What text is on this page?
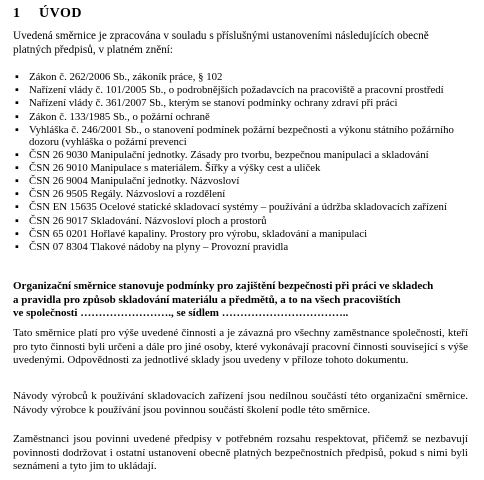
1 ÚVOD
Uvedená směrnice je zpracována v souladu s příslušnými ustanoveními následujících obecně platných předpisů, v platném znění:
▪ Zákon č. 262/2006 Sb., zákoník práce, § 102
▪ Nařízení vlády č. 101/2005 Sb., o podrobnějších požadavcích na pracoviště a pracovní prostředí
▪ Nařízení vlády č. 361/2007 Sb., kterým se stanoví podmínky ochrany zdraví při práci
▪ Zákon č. 133/1985 Sb., o požární ochraně
▪ Vyhláška č. 246/2001 Sb., o stanovení podmínek požární bezpečnosti a výkonu státního požárního dozoru (vyhláška o požární prevenci
▪ ČSN 26 9030 Manipulační jednotky. Zásady pro tvorbu, bezpečnou manipulaci a skladování
▪ ČSN 26 9010 Manipulace s materiálem. Šířky a výšky cest a uliček
▪ ČSN 26 9004 Manipulační jednotky. Názvosloví
▪ ČSN 26 9505 Regály. Názvosloví a rozdělení
▪ ČSN EN 15635 Ocelové statické skladovací systémy – používání a údržba skladovacích zařízení
▪ ČSN 26 9017 Skladování. Názvosloví ploch a prostorů
▪ ČSN 65 0201 Hořlavé kapaliny. Prostory pro výrobu, skladování a manipulaci
▪ ČSN 07 8304 Tlakové nádoby na plyny – Provozní pravidla
Organizační směrnice stanovuje podmínky pro zajištění bezpečnosti při práci ve skladech
a pravidla pro způsob skladování materiálu a předmětů, a to na všech pracovištích
ve společnosti ……………………., se sídlem ……………………………..
Tato směrnice platí pro výše uvedené činnosti a je závazná pro všechny zaměstnance společnosti, kteří pro tyto činnosti byli určeni a dále pro jiné osoby, které vykonávají pracovní činnosti související s výše uvedenými. Odpovědnosti za jednotlivé sklady jsou uvedeny v příloze tohoto dokumentu.
Návody výrobců k používání skladovacích zařízení jsou nedílnou součástí této organizační směrnice. Návody výrobce k používání jsou povinnou součástí školení podle této směrnice.
Zaměstnanci jsou povinni uvedené předpisy v potřebném rozsahu respektovat, přičemž se nezbavují povinnosti dodržovat i ostatní ustanovení obecně platných bezpečnostních předpisů, pokud s nimi byli seznámeni a tyto jim to ukládají.
